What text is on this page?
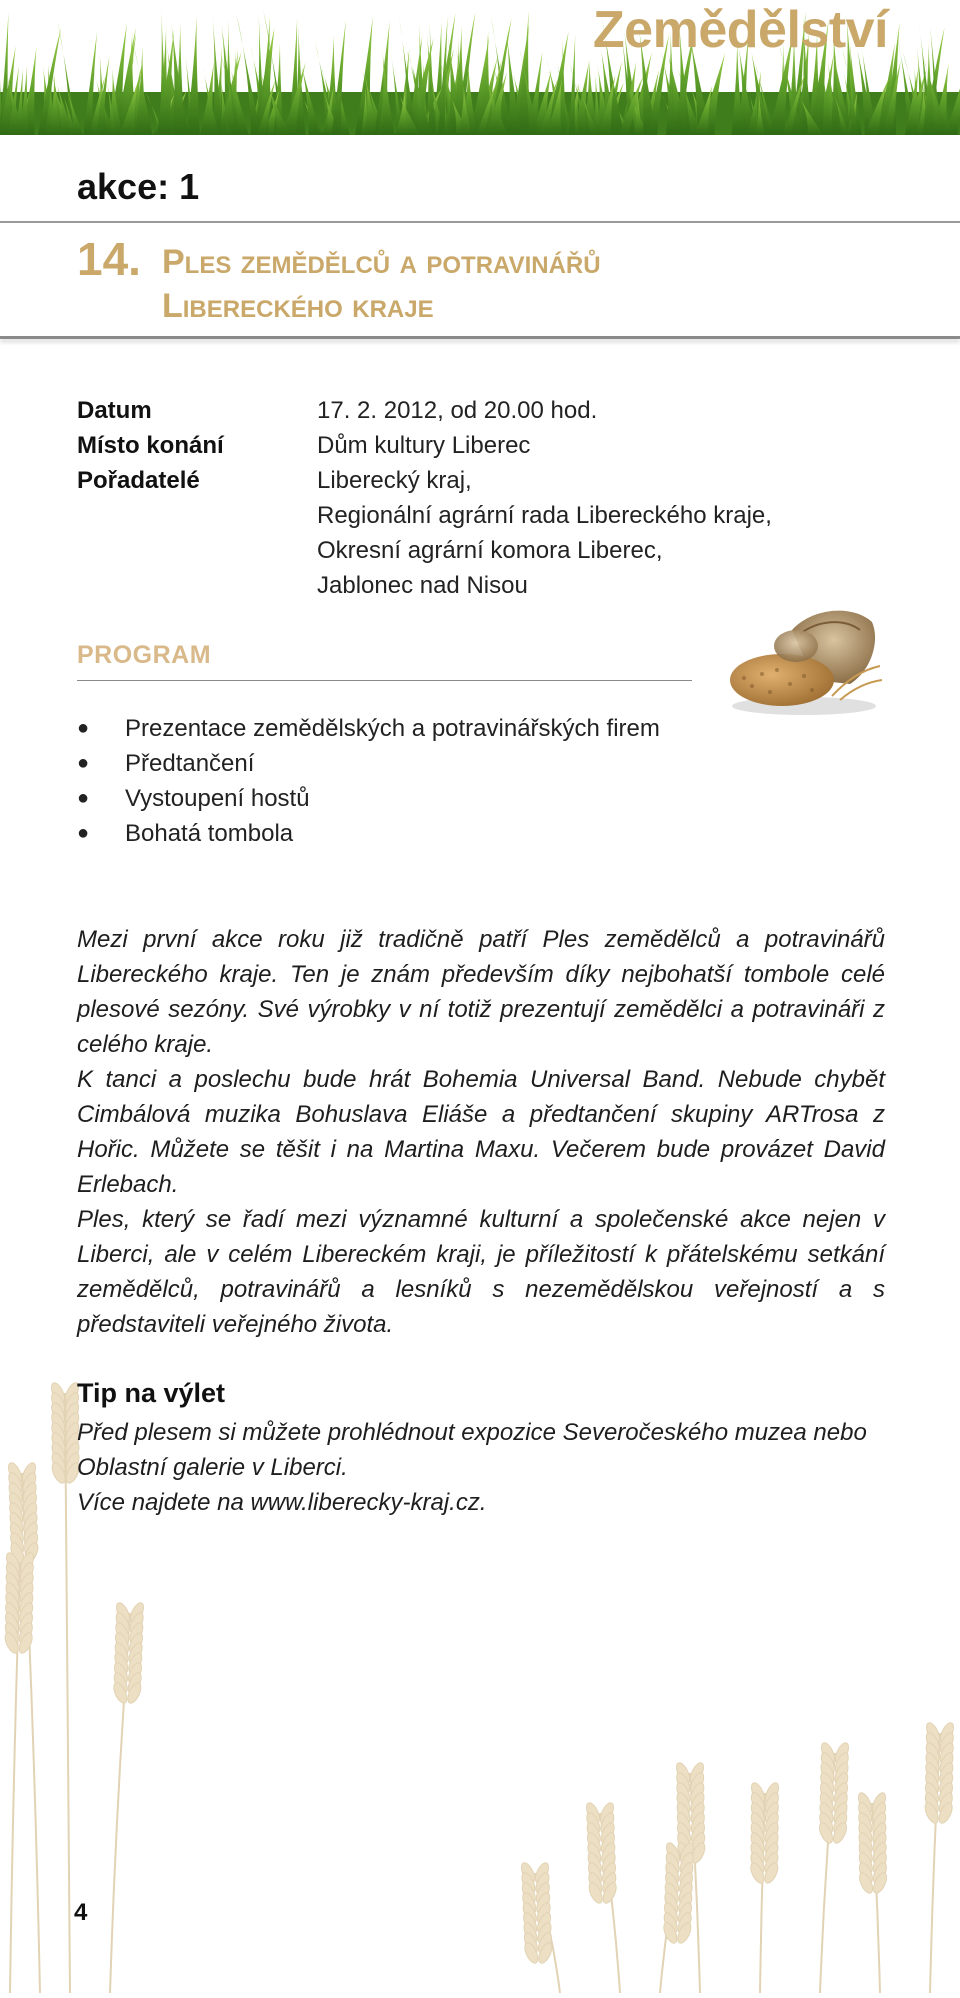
Zemědělství
akce: 1
14. Ples zemědělců a potravinářů
Libereckého kraje
Datum	17. 2. 2012, od 20.00 hod.
Místo konání	Dům kultury Liberec
Pořadatelé	Liberecký kraj,
Regionální agrární rada Libereckého kraje,
Okresní agrární komora Liberec,
Jablonec nad Nisou
PROGRAM
●	Prezentace zemědělských a potravinářských firem
●	Předtančení
●	Vystoupení hostů
●	Bohatá tombola

Mezi první akce roku již tradičně patří Ples zemědělců a potravinářů Libereckého kraje. Ten je znám především díky nejbohatší tombole celé plesové sezóny. Své výrobky v ní totiž prezentují zemědělci a potravináři z celého kraje.

K tanci a poslechu bude hrát Bohemia Universal Band. Nebude chybět Cimbálová muzika Bohuslava Eliáše a předtančení skupiny ARTrosa z Hořic. Můžete se těšit i na Martina Maxu. Večerem bude provázet David Erlebach.

Ples, který se řadí mezi významné kulturní a společenské akce nejen v Liberci, ale v celém Libereckém kraji, je příležitostí k přátelskému setkání zemědělců, potravinářů a lesníků s nezemědělskou veřejností a s představiteli veřejného života.

Tip na výlet

Před plesem si můžete prohlédnout expozice Severočeského muzea nebo Oblastní galerie v Liberci.

Více najdete na www.liberecky-kraj.cz.

4
